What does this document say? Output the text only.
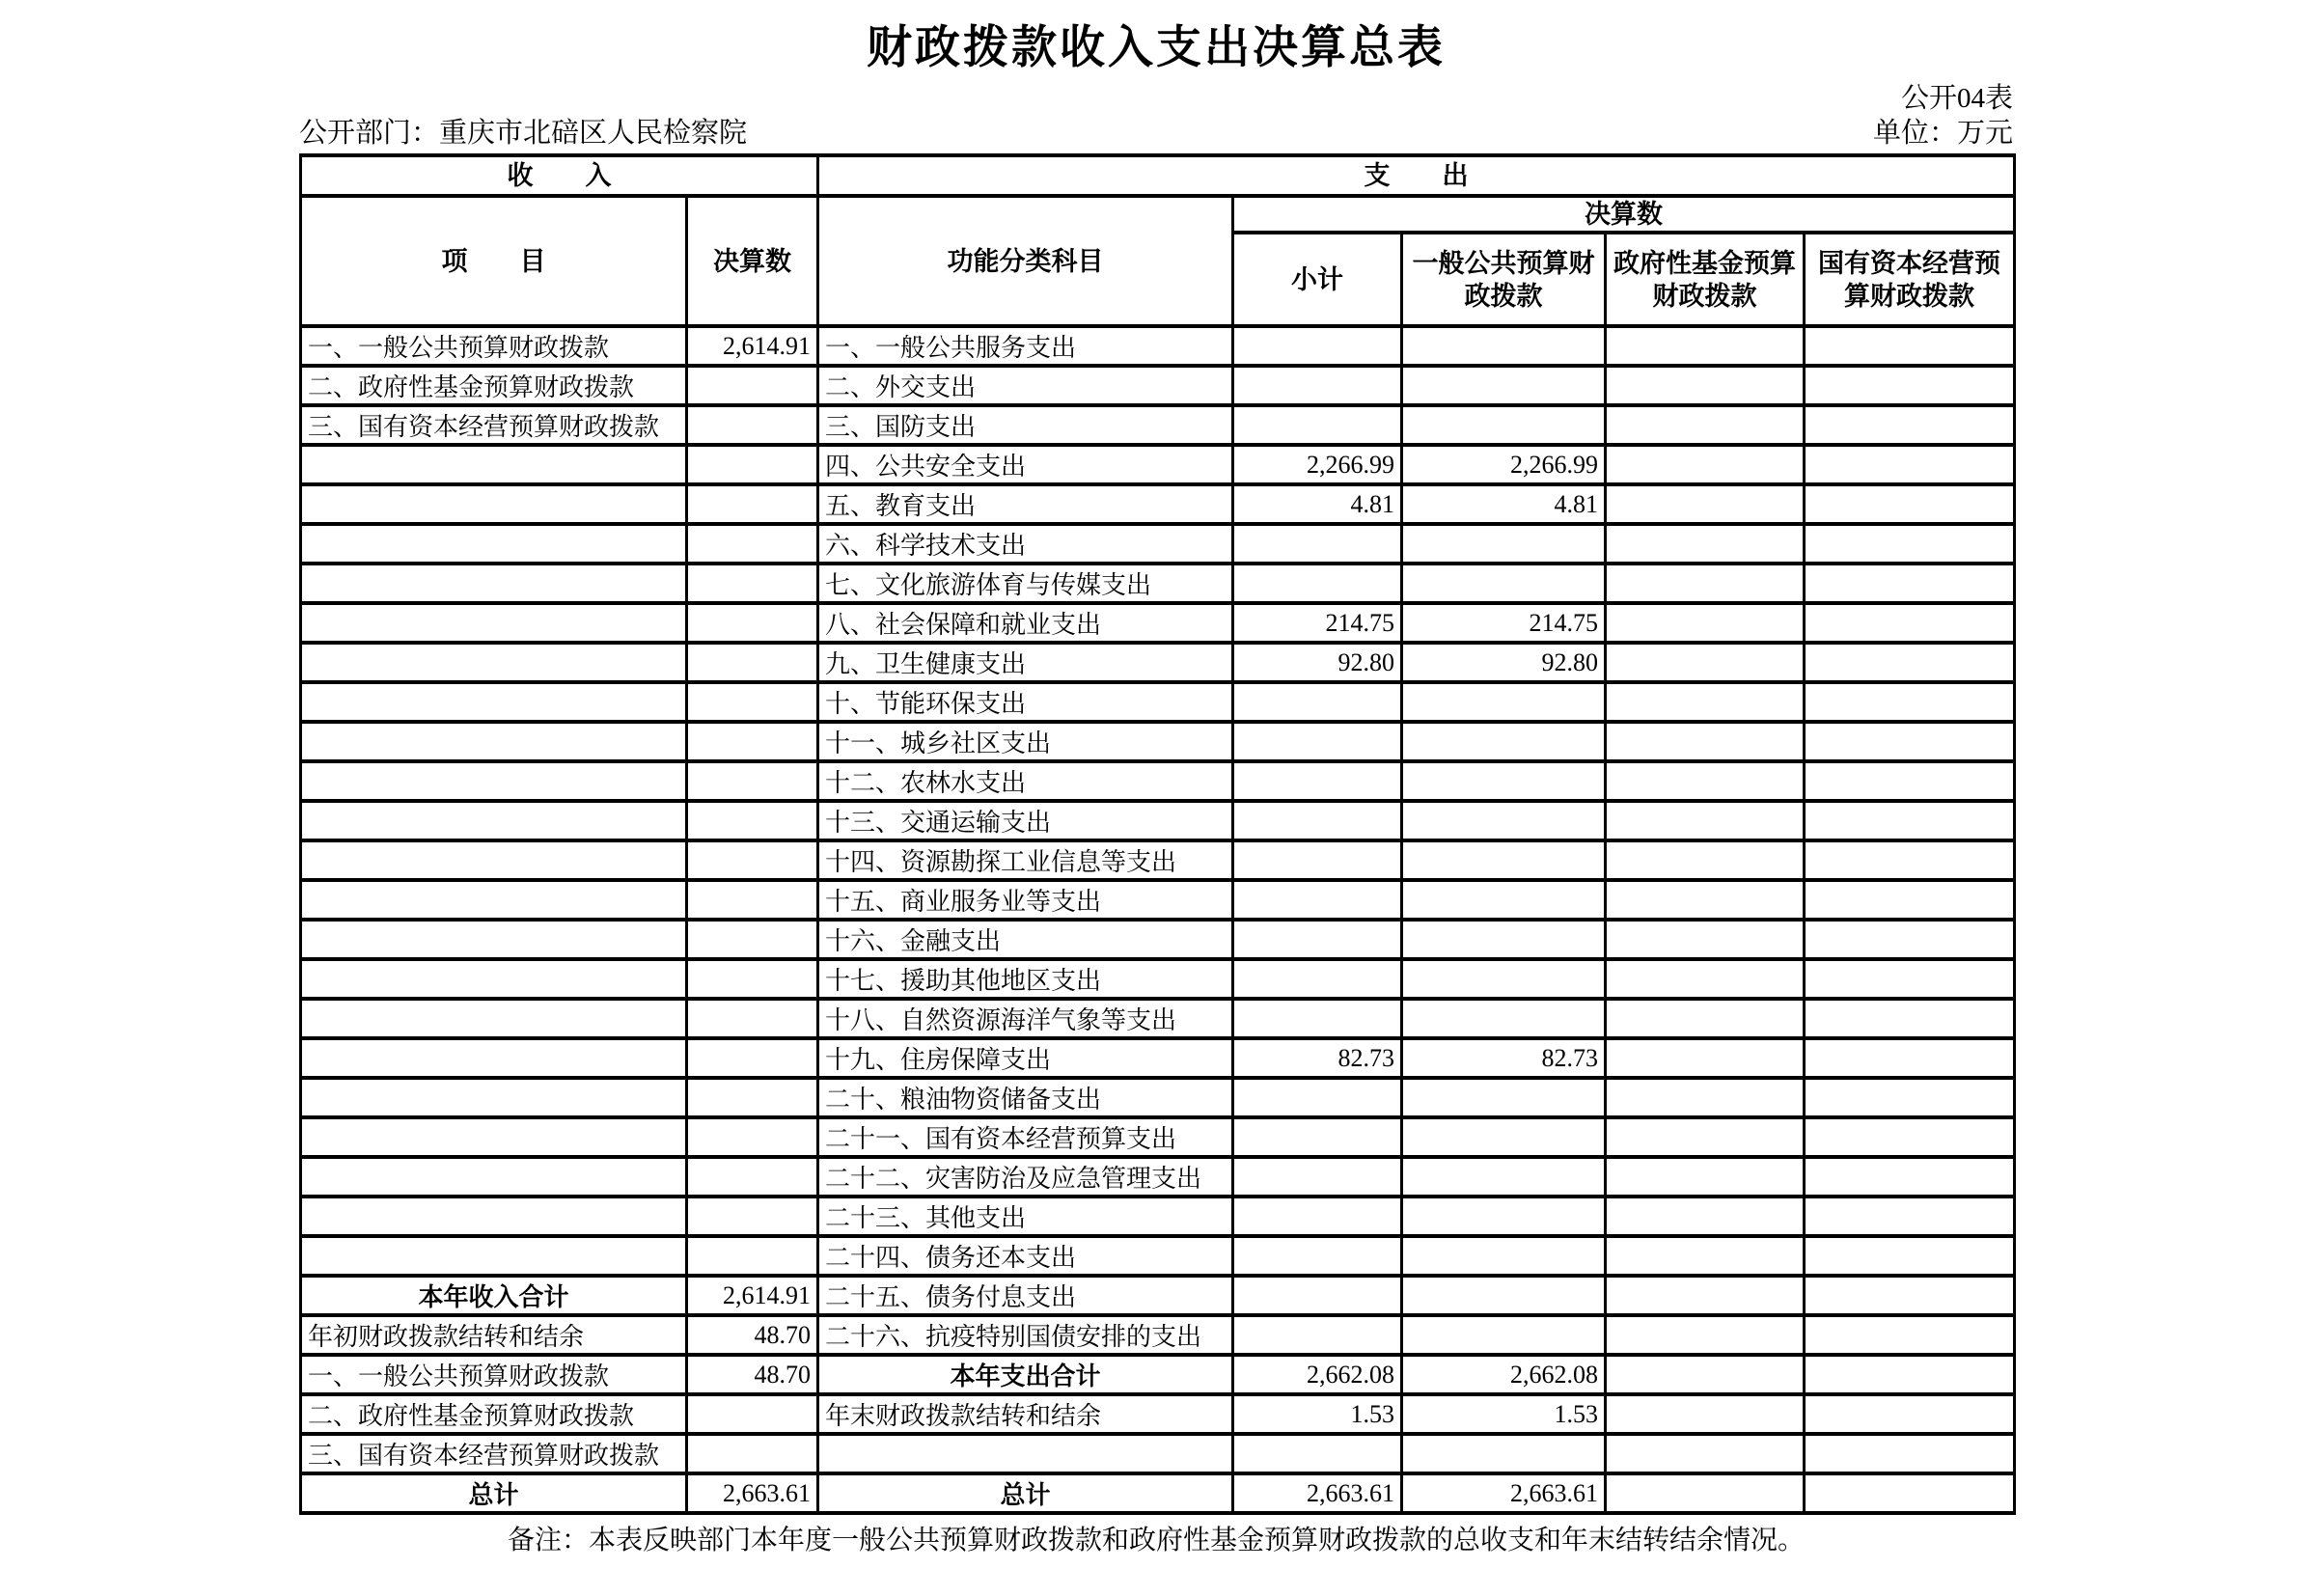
财政拨款收入支出决算总表
公开04表
公开部门：重庆市北碚区人民检察院	单位：万元
收　　入		支　　出				
项　　目	决算数	功能分类科目	决算数			
			小计	一般公共预算财政拨款	政府性基金预算财政拨款	国有资本经营预算财政拨款
一、一般公共预算财政拨款	2,614.91	一、一般公共服务支出				
二、政府性基金预算财政拨款		二、外交支出				
三、国有资本经营预算财政拨款		三、国防支出				
		四、公共安全支出	2,266.99	2,266.99		
		五、教育支出	4.81	4.81		
		六、科学技术支出				
		七、文化旅游体育与传媒支出				
		八、社会保障和就业支出	214.75	214.75		
		九、卫生健康支出	92.80	92.80		
		十、节能环保支出				
		十一、城乡社区支出				
		十二、农林水支出				
		十三、交通运输支出				
		十四、资源勘探工业信息等支出				
		十五、商业服务业等支出				
		十六、金融支出				
		十七、援助其他地区支出				
		十八、自然资源海洋气象等支出				
		十九、住房保障支出	82.73	82.73		
		二十、粮油物资储备支出				
		二十一、国有资本经营预算支出				
		二十二、灾害防治及应急管理支出				
		二十三、其他支出				
		二十四、债务还本支出				
本年收入合计	2,614.91	二十五、债务付息支出				
年初财政拨款结转和结余	48.70	二十六、抗疫特别国债安排的支出				
一、一般公共预算财政拨款	48.70	本年支出合计	2,662.08	2,662.08		
二、政府性基金预算财政拨款		年末财政拨款结转和结余	1.53	1.53		
三、国有资本经营预算财政拨款						
总计	2,663.61	总计	2,663.61	2,663.61		
备注：本表反映部门本年度一般公共预算财政拨款和政府性基金预算财政拨款的总收支和年末结转结余情况。
